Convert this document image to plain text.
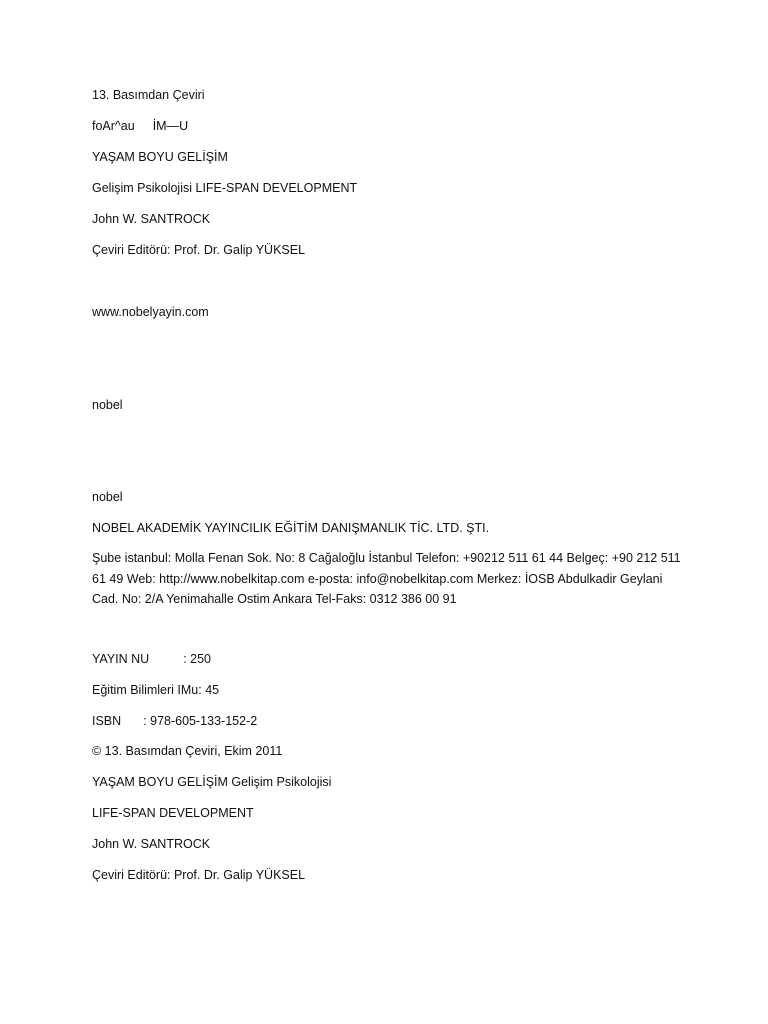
13. Basımdan Çeviri
foAr^au İM—U
YAŞAM BOYU GELİŞİM
Gelişim Psikolojisi LIFE-SPAN DEVELOPMENT
John W. SANTROCK
Çeviri Editörü: Prof. Dr. Galip YÜKSEL
www.nobelyayin.com
nobel
nobel
NOBEL AKADEMİK YAYINCILIK EĞİTİM DANIŞMANLIK TİC. LTD. ŞTI.
Şube istanbul: Molla Fenan Sok. No: 8 Cağaloğlu İstanbul Telefon: +90212 511 61 44 Belgeç: +90 212 511 61 49 Web: http://www.nobelkitap.com e-posta: info@nobelkitap.com Merkez: İOSB Abdulkadir Geylani Cad. No: 2/A Yenimahalle Ostim Ankara Tel-Faks: 0312 386 00 91
YAYIN NU	: 250
Eğitim Bilimleri IMu: 45
ISBN : 978-605-133-152-2
© 13. Basımdan Çeviri, Ekim 2011
YAŞAM BOYU GELİŞİM Gelişim Psikolojisi
LIFE-SPAN DEVELOPMENT
John W. SANTROCK
Çeviri Editörü: Prof. Dr. Galip YÜKSEL
